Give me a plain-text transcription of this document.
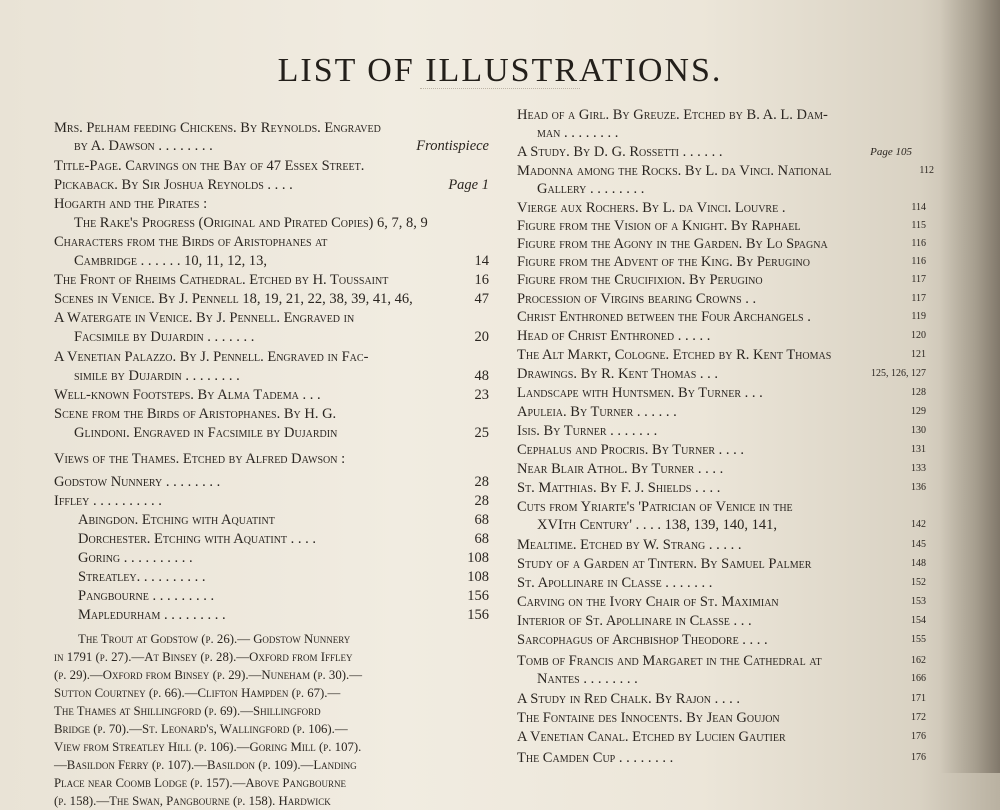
LIST OF ILLUSTRATIONS.
Mrs. Pelham feeding Chickens. By Reynolds. Engraved
by A. Dawson . . . . . . . .	Frontispiece
Title-Page. Carvings on the Bay of 47 Essex Street.
Pickaback. By Sir Joshua Reynolds . . . .	Page 1
Hogarth and the Pirates :
The Rake's Progress (Original and Pirated Copies) 6, 7, 8, 9
Characters from the Birds of Aristophanes at
Cambridge . . . . . . 10, 11, 12, 13,	14
The Front of Rheims Cathedral. Etched by H. Toussaint	16
Scenes in Venice. By J. Pennell 18, 19, 21, 22, 38, 39, 41, 46,	47
A Watergate in Venice. By J. Pennell. Engraved in
Facsimile by Dujardin . . . . . . .	20
A Venetian Palazzo. By J. Pennell. Engraved in Fac-
simile by Dujardin . . . . . . . .	48
Well-known Footsteps. By Alma Tadema . . .	23
Scene from the Birds of Aristophanes. By H. G.
Glindoni. Engraved in Facsimile by Dujardin	25
Views of the Thames. Etched by Alfred Dawson :
Godstow Nunnery . . . . . . . .	28
Iffley . . . . . . . . . .	28
Abingdon. Etching with Aquatint	68
Dorchester. Etching with Aquatint . . . .	68
Goring . . . . . . . . . .	108
Streatley. . . . . . . . . .	108
Pangbourne . . . . . . . . .	156
Mapledurham . . . . . . . . .	156
The Trout at Godstow (p. 26).— Godstow Nunnery
in 1791 (p. 27).—At Binsey (p. 28).—Oxford from Iffley
(p. 29).—Oxford from Binsey (p. 29).—Nuneham (p. 30).—
Sutton Courtney (p. 66).—Clifton Hampden (p. 67).—
The Thames at Shillingford (p. 69).—Shillingford
Bridge (p. 70).—St. Leonard's, Wallingford (p. 106).—
View from Streatley Hill (p. 106).—Goring Mill (p. 107).
—Basildon Ferry (p. 107).—Basildon (p. 109).—Landing
Place near Coomb Lodge (p. 157).—Above Pangbourne
(p. 158).—The Swan, Pangbourne (p. 158). Hardwick
Head of a Girl. By Greuze. Etched by B. A. L. Dam-
man . . . . . . . .
A Study. By D. G. Rossetti . . . . . .	Page 105
Madonna among the Rocks. By L. da Vinci. National	112
Gallery . . . . . . . .
Vierge aux Rochers. By L. da Vinci. Louvre .	114
Figure from the Vision of a Knight. By Raphael	115
Figure from the Agony in the Garden. By Lo Spagna	116
Figure from the Advent of the King. By Perugino	116
Figure from the Crucifixion. By Perugino	117
Procession of Virgins bearing Crowns . .	117
Christ Enthroned between the Four Archangels .	119
Head of Christ Enthroned . . . . .	120
The Alt Markt, Cologne. Etched by R. Kent Thomas	121
Drawings. By R. Kent Thomas . . .	125, 126, 127
Landscape with Huntsmen. By Turner . . .	128
Apuleia. By Turner . . . . . .	129
Isis. By Turner . . . . . . .	130
Cephalus and Procris. By Turner . . . .	131
Near Blair Athol. By Turner . . . .	133
St. Matthias. By F. J. Shields . . . .	136
Cuts from Yriarte's 'Patrician of Venice in the
XVIth Century' . . . . 138, 139, 140, 141,	142
Mealtime. Etched by W. Strang . . . . .	145
Study of a Garden at Tintern. By Samuel Palmer	148
St. Apollinare in Classe . . . . . . .	152
Carving on the Ivory Chair of St. Maximian	153
Interior of St. Apollinare in Classe . . .	154
Sarcophagus of Archbishop Theodore . . . .	155
Tomb of Francis and Margaret in the Cathedral at	162
Nantes . . . . . . . .	166
A Study in Red Chalk. By Rajon . . . .	171
The Fontaine des Innocents. By Jean Goujon	172
A Venetian Canal. Etched by Lucien Gautier	176
The Camden Cup . . . . . . . .	176
